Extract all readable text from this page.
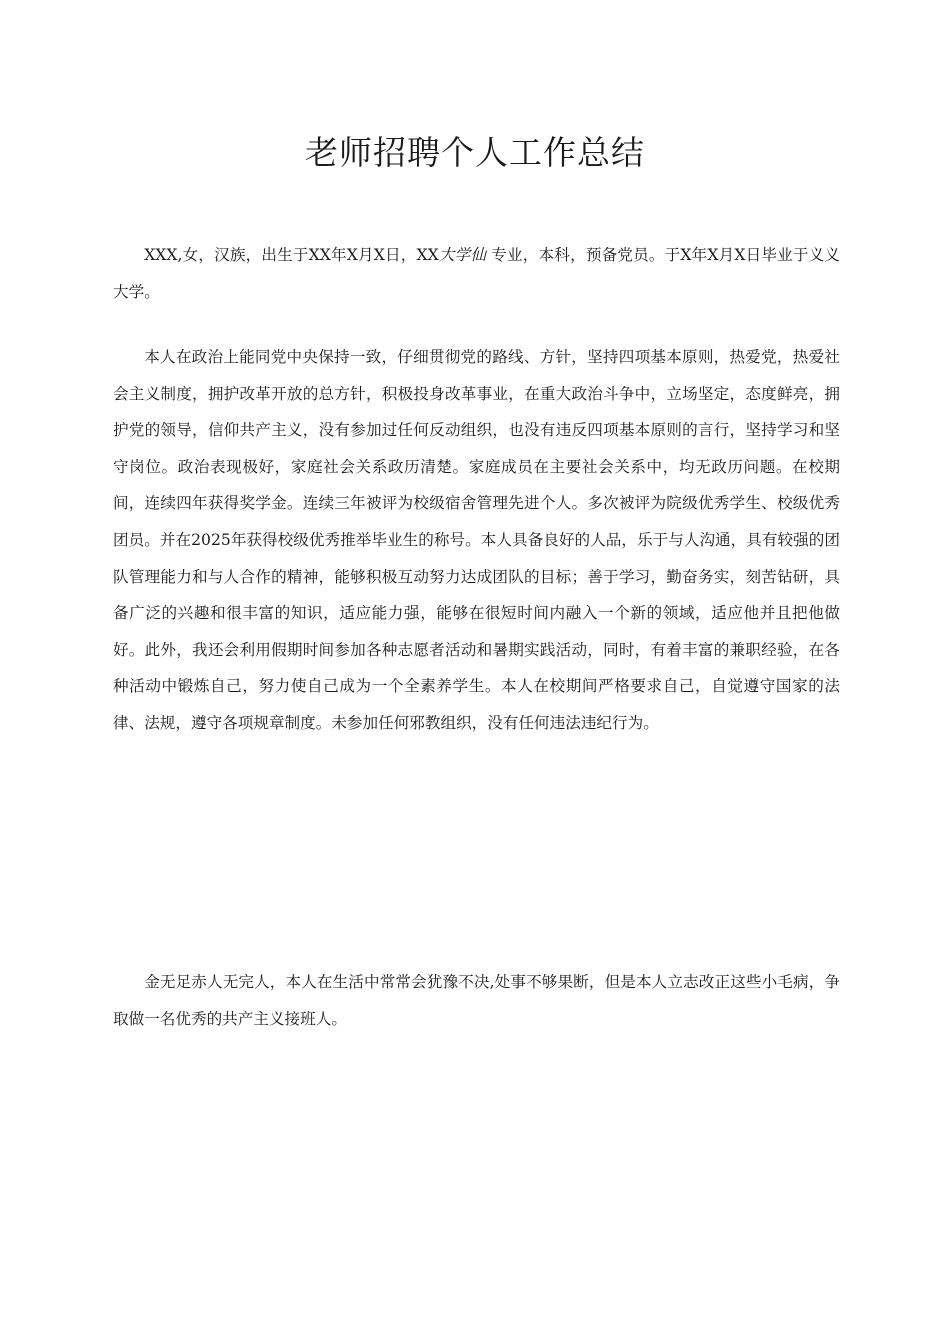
老师招聘个人工作总结

XXX,女，汉族，出生于XX年X月X日，XX大学仙 专业，本科，预备党员。于X年X月X日毕业于义义大学。

本人在政治上能同党中央保持一致，仔细贯彻党的路线、方针，坚持四项基本原则，热爱党，热爱社会主义制度，拥护改革开放的总方针，积极投身改革事业，在重大政治斗争中，立场坚定，态度鲜亮，拥护党的领导，信仰共产主义，没有参加过任何反动组织，也没有违反四项基本原则的言行，坚持学习和坚守岗位。政治表现极好，家庭社会关系政历清楚。家庭成员在主要社会关系中，均无政历问题。在校期间，连续四年获得奖学金。连续三年被评为校级宿舍管理先进个人。多次被评为院级优秀学生、校级优秀团员。并在2025年获得校级优秀推举毕业生的称号。本人具备良好的人品，乐于与人沟通，具有较强的团队管理能力和与人合作的精神，能够积极互动努力达成团队的目标；善于学习，勤奋务实，刻苦钻研，具备广泛的兴趣和很丰富的知识，适应能力强，能够在很短时间内融入一个新的领域，适应他并且把他做好。此外，我还会利用假期时间参加各种志愿者活动和暑期实践活动，同时，有着丰富的兼职经验，在各种活动中锻炼自己，努力使自己成为一个全素养学生。本人在校期间严格要求自己，自觉遵守国家的法律、法规，遵守各项规章制度。未参加任何邪教组织，没有任何违法违纪行为。

金无足赤人无完人，本人在生活中常常会犹豫不决,处事不够果断，但是本人立志改正这些小毛病，争取做一名优秀的共产主义接班人。
